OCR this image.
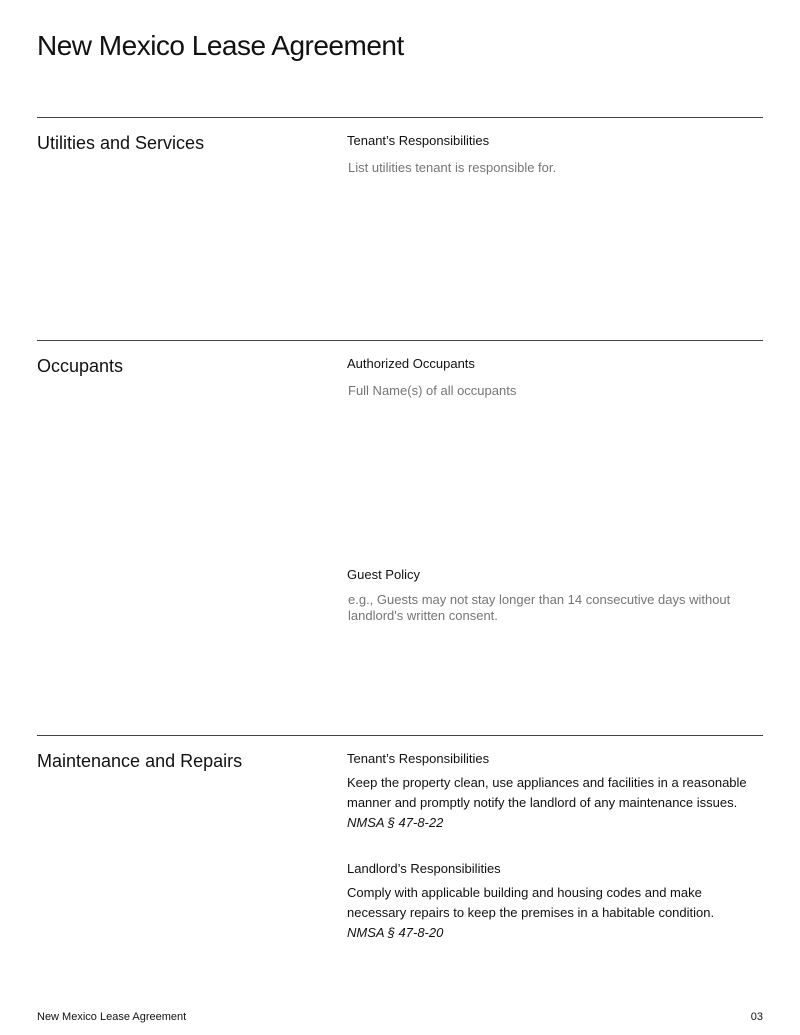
New Mexico Lease Agreement
Utilities and Services	Tenant’s Responsibilities
List utilities tenant is responsible for.
Occupants	Authorized Occupants
Full Name(s) of all occupants
Guest Policy
e.g., Guests may not stay longer than 14 consecutive days without landlord's written consent.
Maintenance and Repairs	Tenant’s Responsibilities
Keep the property clean, use appliances and facilities in a reasonable manner and promptly notify the landlord of any maintenance issues.
NMSA § 47-8-22
Landlord’s Responsibilities
Comply with applicable building and housing codes and make necessary repairs to keep the premises in a habitable condition.
NMSA § 47-8-20
New Mexico Lease Agreement	03
